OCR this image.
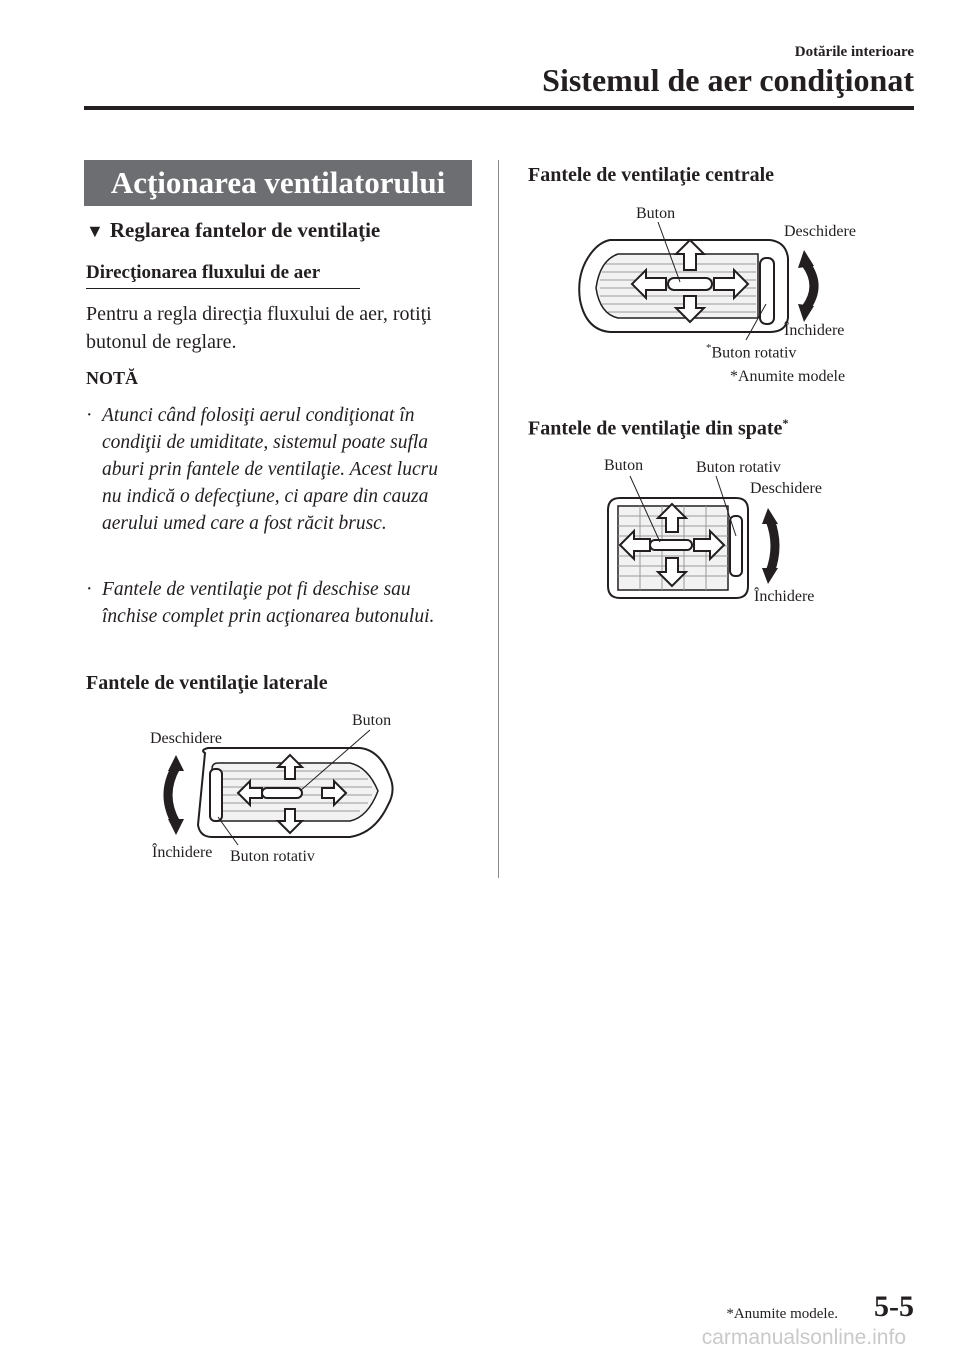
Dotările interioare
Sistemul de aer condiţionat
Acţionarea ventilatorului
▼ Reglarea fantelor de ventilaţie
Direcţionarea fluxului de aer
Pentru a regla direcţia fluxului de aer, rotiţi butonul de reglare.
NOTĂ
· Atunci când folosiţi aerul condiţionat în condiţii de umiditate, sistemul poate sufla aburi prin fantele de ventilaţie. Acest lucru nu indică o defecţiune, ci apare din cauza aerului umed care a fost răcit brusc.
· Fantele de ventilaţie pot fi deschise sau închise complet prin acţionarea butonului.
Fantele de ventilaţie laterale
Deschidere
Buton
Închidere Buton rotativ
Fantele de ventilaţie centrale
Buton
Deschidere
Închidere
*Buton rotativ
*Anumite modele
Fantele de ventilaţie din spate*
Buton	Buton rotativ
Deschidere
Închidere
*Anumite modele. 5-5
carmanualsonline.info
